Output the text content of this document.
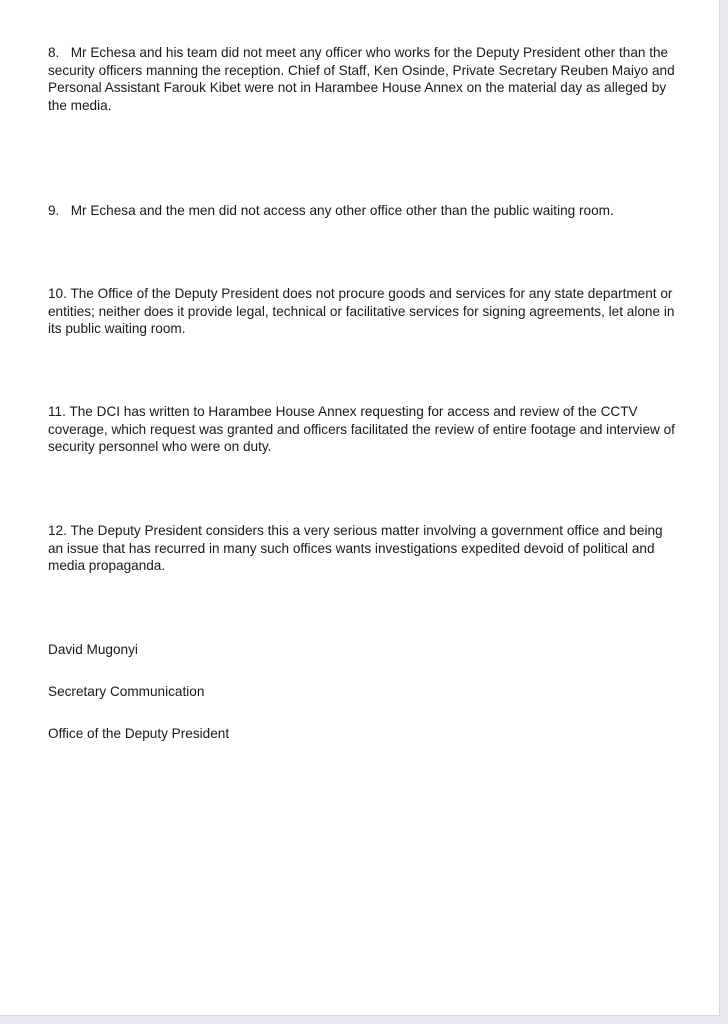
8. Mr Echesa and his team did not meet any officer who works for the Deputy President other than the security officers manning the reception. Chief of Staff, Ken Osinde, Private Secretary Reuben Maiyo and Personal Assistant Farouk Kibet were not in Harambee House Annex on the material day as alleged by the media.

9. Mr Echesa and the men did not access any other office other than the public waiting room.

10. The Office of the Deputy President does not procure goods and services for any state department or entities; neither does it provide legal, technical or facilitative services for signing agreements, let alone in its public waiting room.

11. The DCI has written to Harambee House Annex requesting for access and review of the CCTV coverage, which request was granted and officers facilitated the review of entire footage and interview of security personnel who were on duty.

12. The Deputy President considers this a very serious matter involving a government office and being an issue that has recurred in many such offices wants investigations expedited devoid of political and media propaganda.

David Mugonyi

Secretary Communication

Office of the Deputy President
